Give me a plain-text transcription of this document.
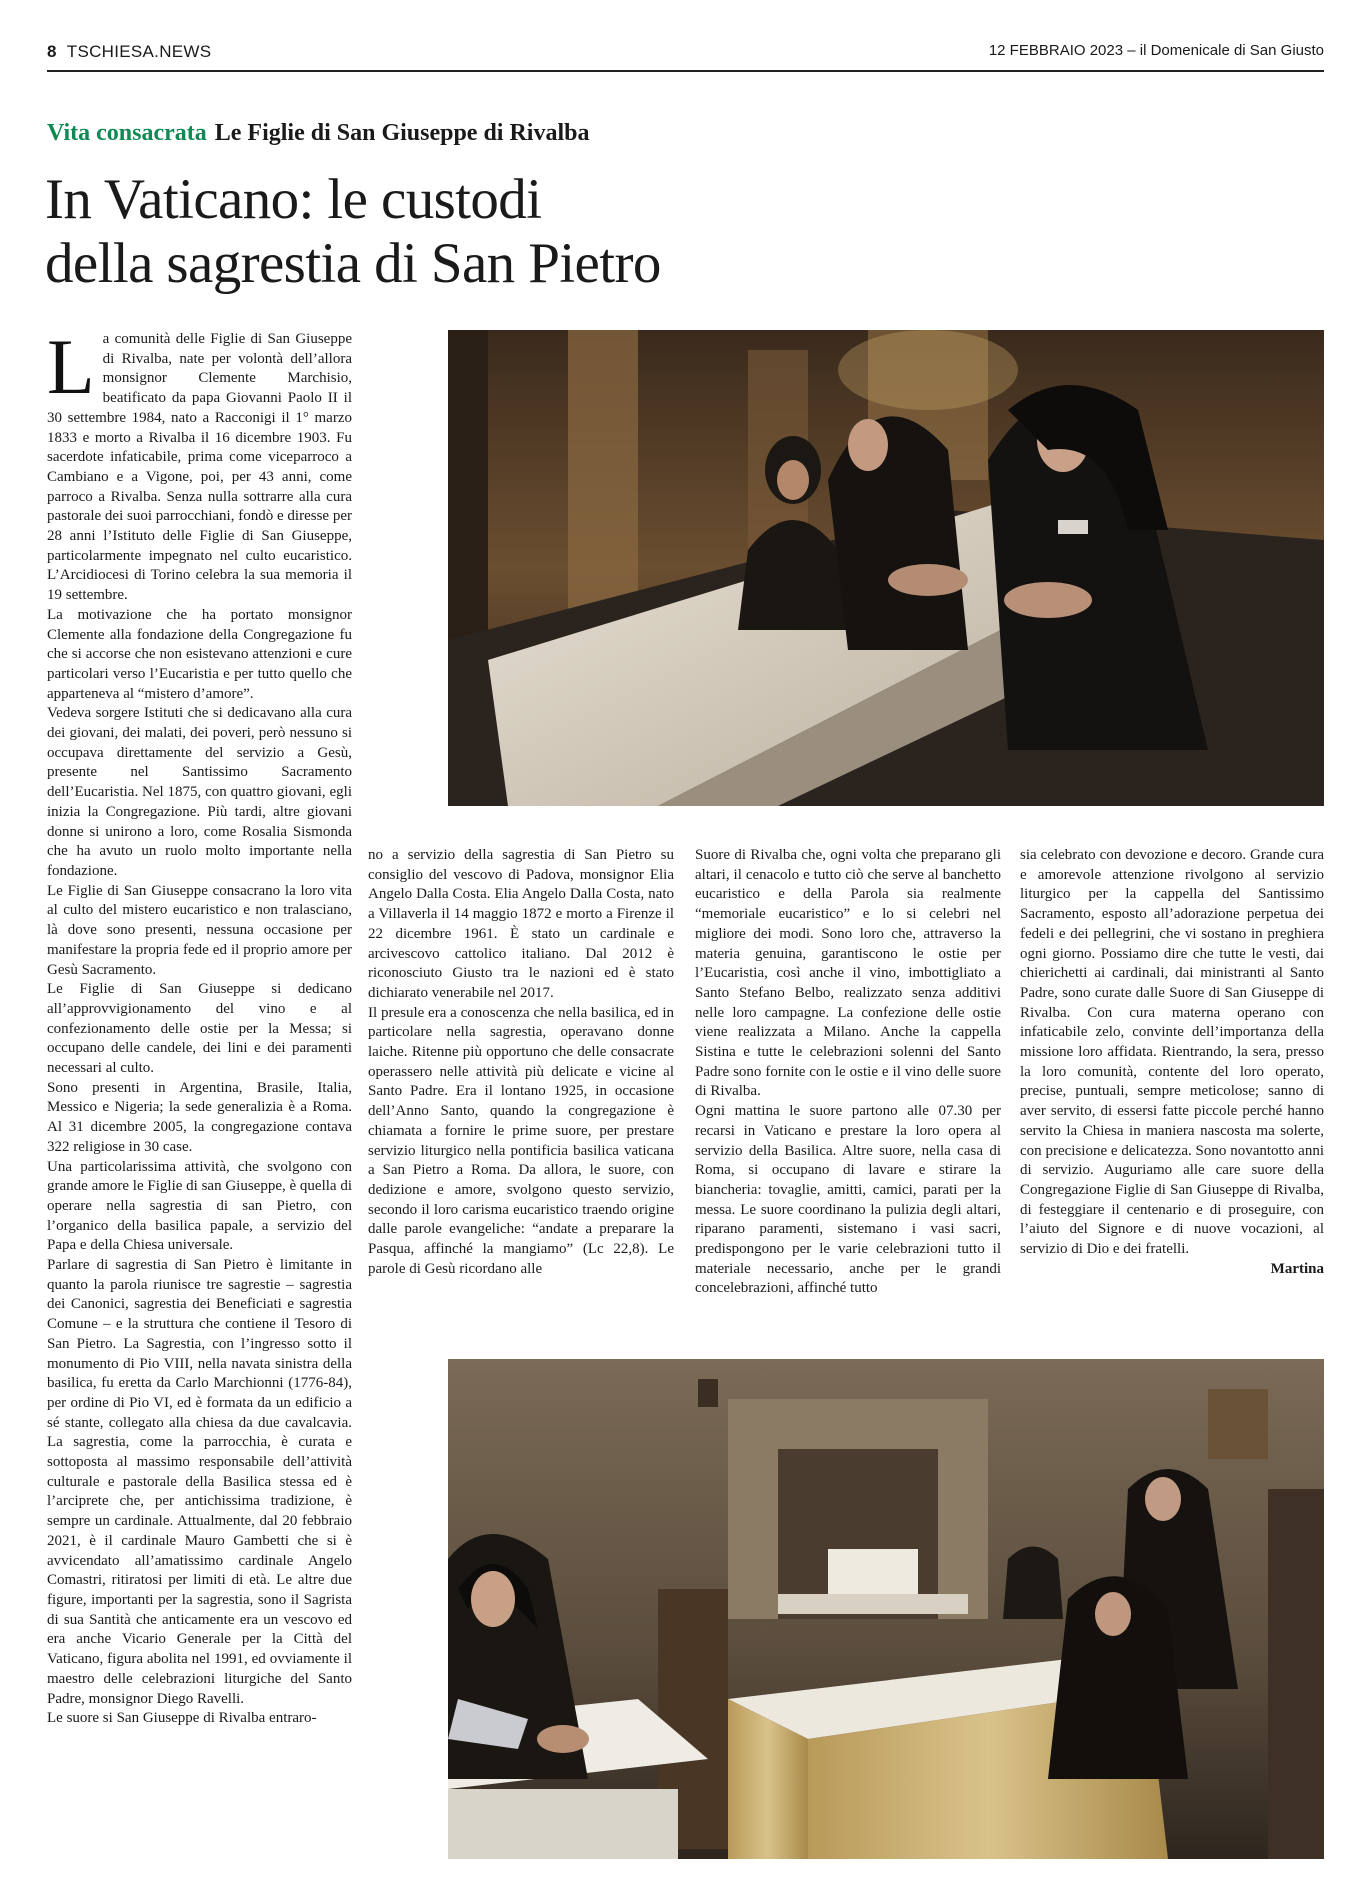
8 TSCHIESA.NEWS	12 FEBBRAIO 2023 – il Domenicale di San Giusto
Vita consacrata Le Figlie di San Giuseppe di Rivalba
In Vaticano: le custodi
della sagrestia di San Pietro

La comunità delle Figlie di San Giuseppe di Rivalba, nate per volontà dell’allora monsignor Clemente Marchisio, beatificato da papa Giovanni Paolo II il 30 settembre 1984, nato a Racconigi il 1° marzo 1833 e morto a Rivalba il 16 dicembre 1903. Fu sacerdote infaticabile, prima come viceparroco a Cambiano e a Vigone, poi, per 43 anni, come parroco a Rivalba. Senza nulla sottrarre alla cura pastorale dei suoi parrocchiani, fondò e diresse per 28 anni l’Istituto delle Figlie di San Giuseppe, particolarmente impegnato nel culto eucaristico. L’Arcidiocesi di Torino celebra la sua memoria il 19 settembre.

La motivazione che ha portato monsignor Clemente alla fondazione della Congregazione fu che si accorse che non esistevano attenzioni e cure particolari verso l’Eucaristia e per tutto quello che apparteneva al “mistero d’amore”.

Vedeva sorgere Istituti che si dedicavano alla cura dei giovani, dei malati, dei poveri, però nessuno si occupava direttamente del servizio a Gesù, presente nel Santissimo Sacramento dell’Eucaristia. Nel 1875, con quattro giovani, egli inizia la Congregazione. Più tardi, altre giovani donne si unirono a loro, come Rosalia Sismonda che ha avuto un ruolo molto importante nella fondazione.

Le Figlie di San Giuseppe consacrano la loro vita al culto del mistero eucaristico e non tralasciano, là dove sono presenti, nessuna occasione per manifestare la propria fede ed il proprio amore per Gesù Sacramento.

Le Figlie di San Giuseppe si dedicano all’approvvigionamento del vino e al confezionamento delle ostie per la Messa; si occupano delle candele, dei lini e dei paramenti necessari al culto.

Sono presenti in Argentina, Brasile, Italia, Messico e Nigeria; la sede generalizia è a Roma. Al 31 dicembre 2005, la congregazione contava 322 religiose in 30 case.

Una particolarissima attività, che svolgono con grande amore le Figlie di san Giuseppe, è quella di operare nella sagrestia di san Pietro, con l’organico della basilica papale, a servizio del Papa e della Chiesa universale.

Parlare di sagrestia di San Pietro è limitante in quanto la parola riunisce tre sagrestie – sagrestia dei Canonici, sagrestia dei Beneficiati e sagrestia Comune – e la struttura che contiene il Tesoro di San Pietro. La Sagrestia, con l’ingresso sotto il monumento di Pio VIII, nella navata sinistra della basilica, fu eretta da Carlo Marchionni (1776-84), per ordine di Pio VI, ed è formata da un edificio a sé stante, collegato alla chiesa da due cavalcavia. La sagrestia, come la parrocchia, è curata e sottoposta al massimo responsabile dell’attività culturale e pastorale della Basilica stessa ed è l’arciprete che, per antichissima tradizione, è sempre un cardinale. Attualmente, dal 20 febbraio 2021, è il cardinale Mauro Gambetti che si è avvicendato all’amatissimo cardinale Angelo Comastri, ritiratosi per limiti di età. Le altre due figure, importanti per la sagrestia, sono il Sagrista di sua Santità che anticamente era un vescovo ed era anche Vicario Generale per la Città del Vaticano, figura abolita nel 1991, ed ovviamente il maestro delle celebrazioni liturgiche del Santo Padre, monsignor Diego Ravelli.

Le suore si San Giuseppe di Rivalba entraro-

no a servizio della sagrestia di San Pietro su consiglio del vescovo di Padova, monsignor Elia Angelo Dalla Costa. Elia Angelo Dalla Costa, nato a Villaverla il 14 maggio 1872 e morto a Firenze il 22 dicembre 1961. È stato un cardinale e arcivescovo cattolico italiano. Dal 2012 è riconosciuto Giusto tra le nazioni ed è stato dichiarato venerabile nel 2017.

Il presule era a conoscenza che nella basilica, ed in particolare nella sagrestia, operavano donne laiche. Ritenne più opportuno che delle consacrate operassero nelle attività più delicate e vicine al Santo Padre. Era il lontano 1925, in occasione dell’Anno Santo, quando la congregazione è chiamata a fornire le prime suore, per prestare servizio liturgico nella pontificia basilica vaticana a San Pietro a Roma. Da allora, le suore, con dedizione e amore, svolgono questo servizio, secondo il loro carisma eucaristico traendo origine dalle parole evangeliche: “andate a preparare la Pasqua, affinché la mangiamo” (Lc 22,8). Le parole di Gesù ricordano alle

Suore di Rivalba che, ogni volta che preparano gli altari, il cenacolo e tutto ciò che serve al banchetto eucaristico e della Parola sia realmente “memoriale eucaristico” e lo si celebri nel migliore dei modi. Sono loro che, attraverso la materia genuina, garantiscono le ostie per l’Eucaristia, così anche il vino, imbottigliato a Santo Stefano Belbo, realizzato senza additivi nelle loro campagne. La confezione delle ostie viene realizzata a Milano. Anche la cappella Sistina e tutte le celebrazioni solenni del Santo Padre sono fornite con le ostie e il vino delle suore di Rivalba.

Ogni mattina le suore partono alle 07.30 per recarsi in Vaticano e prestare la loro opera al servizio della Basilica. Altre suore, nella casa di Roma, si occupano di lavare e stirare la biancheria: tovaglie, amitti, camici, parati per la messa. Le suore coordinano la pulizia degli altari, riparano paramenti, sistemano i vasi sacri, predispongono per le varie celebrazioni tutto il materiale necessario, anche per le grandi concelebrazioni, affinché tutto

sia celebrato con devozione e decoro. Grande cura e amorevole attenzione rivolgono al servizio liturgico per la cappella del Santissimo Sacramento, esposto all’adorazione perpetua dei fedeli e dei pellegrini, che vi sostano in preghiera ogni giorno. Possiamo dire che tutte le vesti, dai chierichetti ai cardinali, dai ministranti al Santo Padre, sono curate dalle Suore di San Giuseppe di Rivalba. Con cura materna operano con infaticabile zelo, convinte dell’importanza della missione loro affidata. Rientrando, la sera, presso la loro comunità, contente del loro operato, precise, puntuali, sempre meticolose; sanno di aver servito, di essersi fatte piccole perché hanno servito la Chiesa in maniera nascosta ma solerte, con precisione e delicatezza. Sono novantotto anni di servizio. Auguriamo alle care suore della Congregazione Figlie di San Giuseppe di Rivalba, di festeggiare il centenario e di proseguire, con l’aiuto del Signore e di nuove vocazioni, al servizio di Dio e dei fratelli.

Martina
